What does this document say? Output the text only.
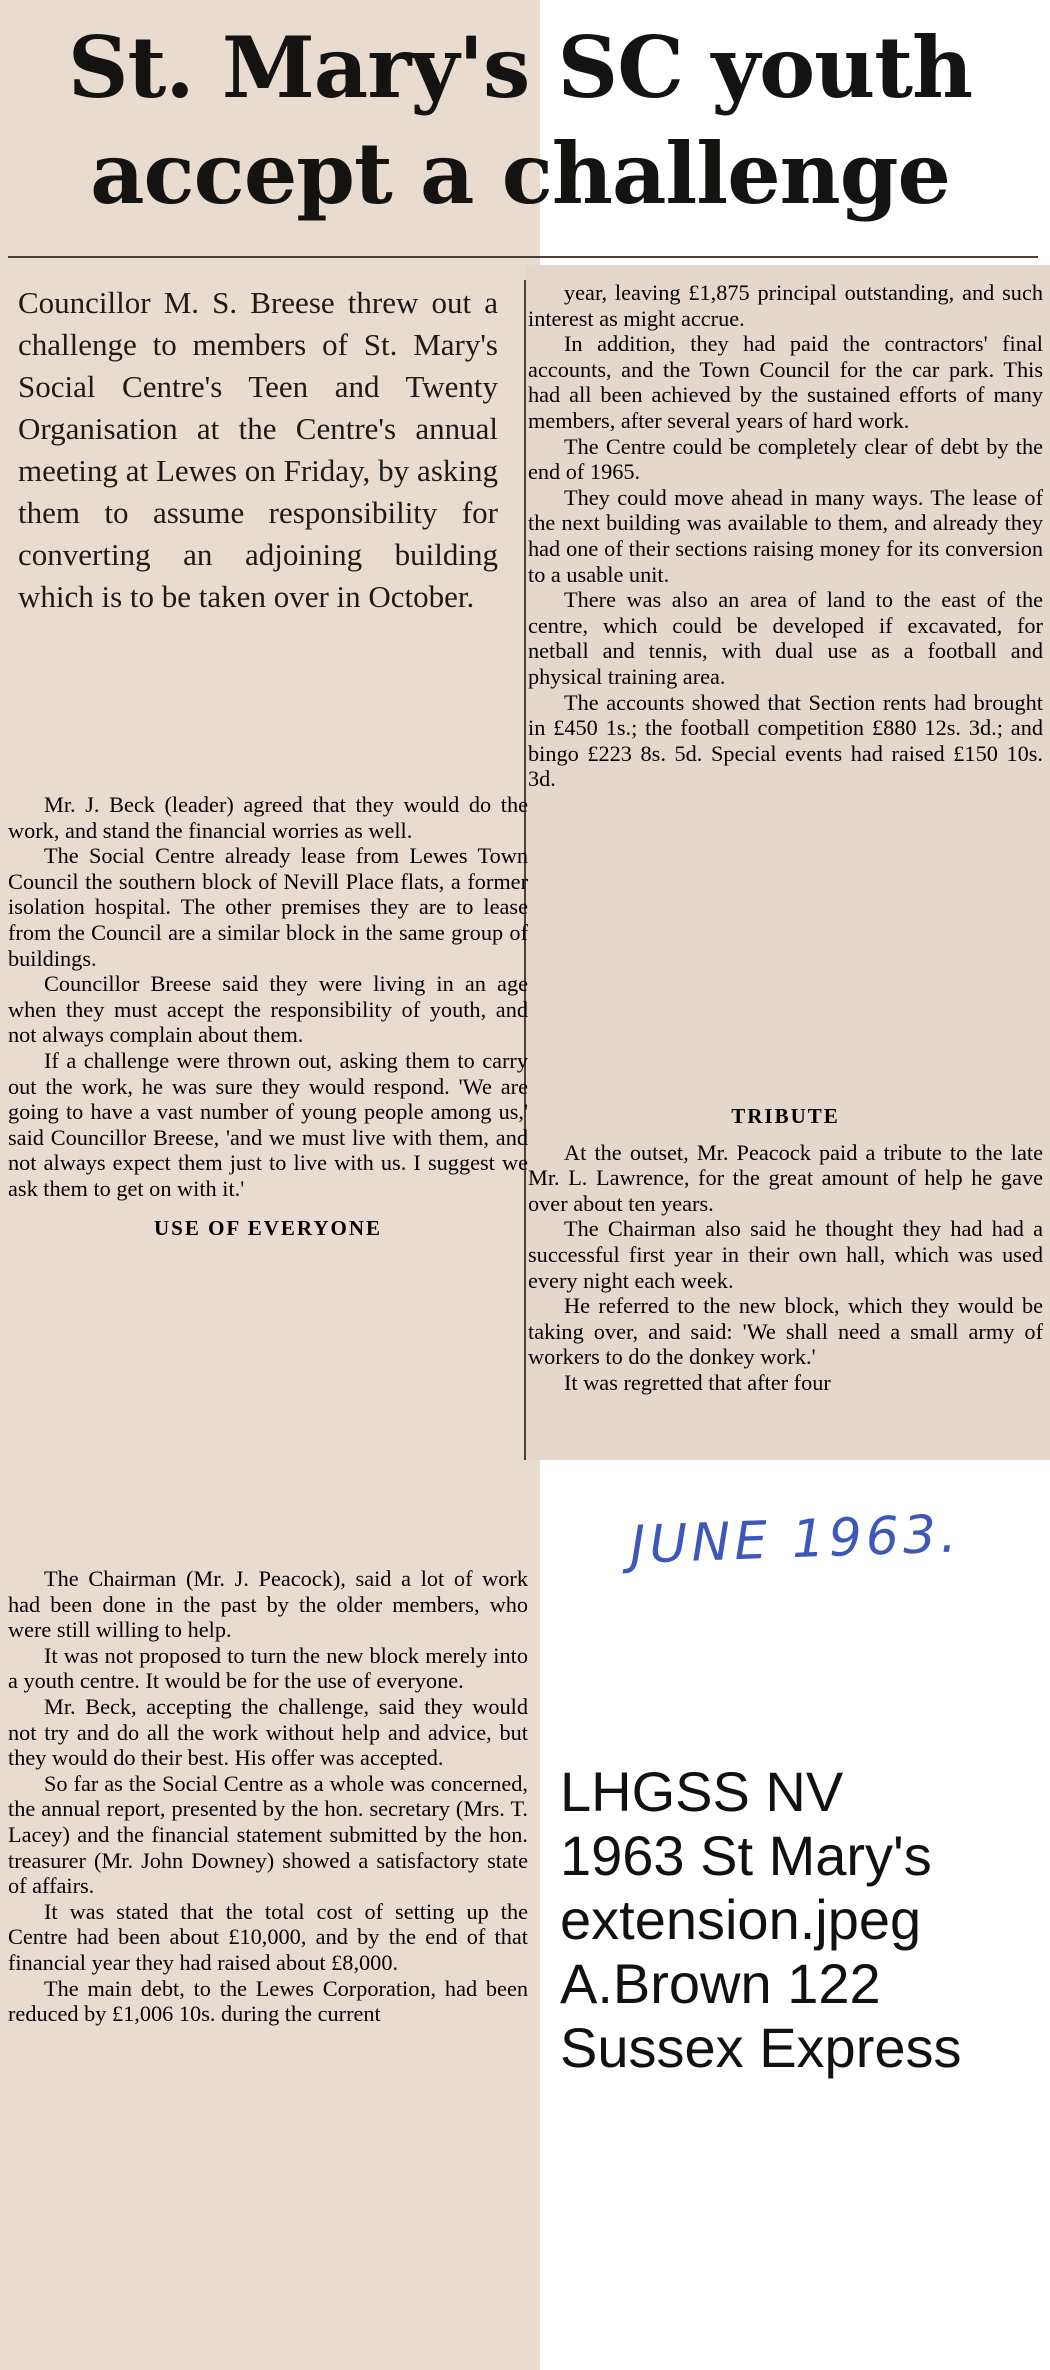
St. Mary's SC youth
accept a challenge
Councillor M. S. Breese threw out a challenge to members of St. Mary's Social Centre's Teen and Twenty Organisation at the Centre's annual meeting at Lewes on Friday, by asking them to assume responsibility for converting an adjoining building which is to be taken over in October.

Mr. J. Beck (leader) agreed that they would do the work, and stand the financial worries as well.

The Social Centre already lease from Lewes Town Council the southern block of Nevill Place flats, a former isolation hospital. The other premises they are to lease from the Council are a similar block in the same group of buildings.

Councillor Breese said they were living in an age when they must accept the responsibility of youth, and not always complain about them.

If a challenge were thrown out, asking them to carry out the work, he was sure they would respond. 'We are going to have a vast number of young people among us,' said Councillor Breese, 'and we must live with them, and not always expect them just to live with us. I suggest we ask them to get on with it.'

USE OF EVERYONE

The Chairman (Mr. J. Peacock), said a lot of work had been done in the past by the older members, who were still willing to help.

It was not proposed to turn the new block merely into a youth centre. It would be for the use of everyone.

Mr. Beck, accepting the challenge, said they would not try and do all the work without help and advice, but they would do their best. His offer was accepted.

So far as the Social Centre as a whole was concerned, the annual report, presented by the hon. secretary (Mrs. T. Lacey) and the financial statement submitted by the hon. treasurer (Mr. John Downey) showed a satisfactory state of affairs.

It was stated that the total cost of setting up the Centre had been about £10,000, and by the end of that financial year they had raised about £8,000.

The main debt, to the Lewes Corporation, had been reduced by £1,006 10s. during the current

year, leaving £1,875 principal outstanding, and such interest as might accrue.

In addition, they had paid the contractors' final accounts, and the Town Council for the car park. This had all been achieved by the sustained efforts of many members, after several years of hard work.

The Centre could be completely clear of debt by the end of 1965.

They could move ahead in many ways. The lease of the next building was available to them, and already they had one of their sections raising money for its conversion to a usable unit.

There was also an area of land to the east of the centre, which could be developed if excavated, for netball and tennis, with dual use as a football and physical training area.

The accounts showed that Section rents had brought in £450 1s.; the football competition £880 12s. 3d.; and bingo £223 8s. 5d. Special events had raised £150 10s. 3d.

TRIBUTE

At the outset, Mr. Peacock paid a tribute to the late Mr. L. Lawrence, for the great amount of help he gave over about ten years.

The Chairman also said he thought they had had a successful first year in their own hall, which was used every night each week.

He referred to the new block, which they would be taking over, and said: 'We shall need a small army of workers to do the donkey work.'

It was regretted that after four

JUNE 1963.
LHGSS NV
1963 St Mary's
extension.jpeg
A.Brown 122
Sussex Express
